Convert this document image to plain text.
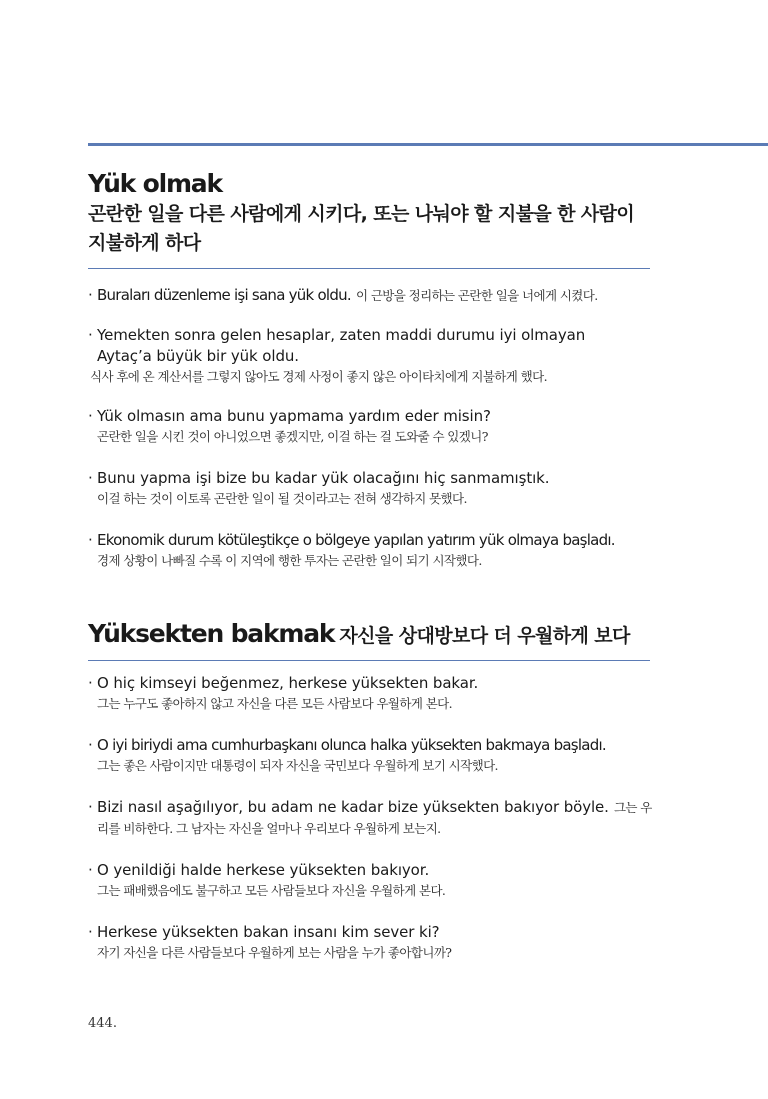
Yük olmak
곤란한 일을 다른 사람에게 시키다, 또는 나눠야 할 지불을 한 사람이 지불하게 하다
· Buraları düzenleme işi sana yük oldu. 이 근방을 정리하는 곤란한 일을 너에게 시켰다.
· Yemekten sonra gelen hesaplar, zaten maddi durumu iyi olmayan Aytaç’a büyük bir yük oldu.
식사 후에 온 계산서를 그렇지 않아도 경제 사정이 좋지 않은 아이타치에게 지불하게 했다.
· Yük olmasın ama bunu yapmama yardım eder misin?
곤란한 일을 시킨 것이 아니었으면 좋겠지만, 이걸 하는 걸 도와줄 수 있겠니?
· Bunu yapma işi bize bu kadar yük olacağını hiç sanmamıştık.
이걸 하는 것이 이토록 곤란한 일이 될 것이라고는 전혀 생각하지 못했다.
· Ekonomik durum kötüleştikçe o bölgeye yapılan yatırım yük olmaya başladı.
경제 상황이 나빠질 수록 이 지역에 행한 투자는 곤란한 일이 되기 시작했다.
Yüksekten bakmak 자신을 상대방보다 더 우월하게 보다
· O hiç kimseyi beğenmez, herkese yüksekten bakar.
그는 누구도 좋아하지 않고 자신을 다른 모든 사람보다 우월하게 본다.
· O iyi biriydi ama cumhurbaşkanı olunca halka yüksekten bakmaya başladı.
그는 좋은 사람이지만 대통령이 되자 자신을 국민보다 우월하게 보기 시작했다.
· Bizi nasıl aşağılıyor, bu adam ne kadar bize yüksekten bakıyor böyle. 그는 우리를 비하한다. 그 남자는 자신을 얼마나 우리보다 우월하게 보는지.
· O yenildiği halde herkese yüksekten bakıyor.
그는 패배했음에도 불구하고 모든 사람들보다 자신을 우월하게 본다.
· Herkese yüksekten bakan insanı kim sever ki?
자기 자신을 다른 사람들보다 우월하게 보는 사람을 누가 좋아합니까?
444.
